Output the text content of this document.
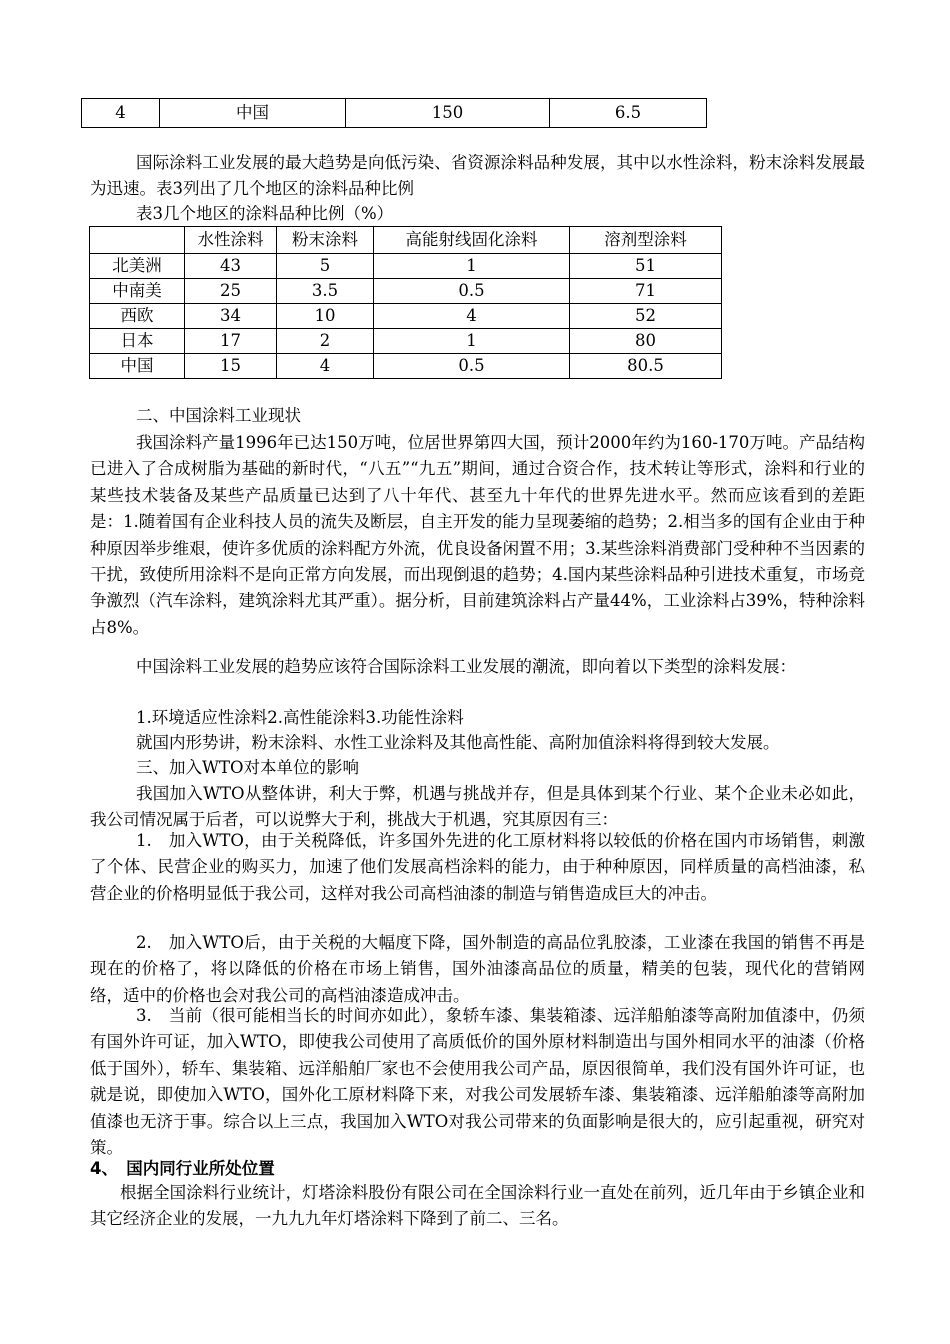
4	中国	150	6.5

国际涂料工业发展的最大趋势是向低污染、省资源涂料品种发展，其中以水性涂料，粉末涂料发展最为迅速。表3列出了几个地区的涂料品种比例

表3几个地区的涂料品种比例（%）
	水性涂料	粉末涂料	高能射线固化涂料	溶剂型涂料
北美洲	43	5	1	51
中南美	25	3.5	0.5	71
西欧	34	10	4	52
日本	17	2	1	80
中国	15	4	0.5	80.5

二、中国涂料工业现状

我国涂料产量1996年已达150万吨，位居世界第四大国，预计2000年约为160-170万吨。产品结构已进入了合成树脂为基础的新时代，“八五”“九五”期间，通过合资合作，技术转让等形式，涂料和行业的某些技术装备及某些产品质量已达到了八十年代、甚至九十年代的世界先进水平。然而应该看到的差距是：1.随着国有企业科技人员的流失及断层，自主开发的能力呈现萎缩的趋势；2.相当多的国有企业由于种种原因举步维艰，使许多优质的涂料配方外流，优良设备闲置不用；3.某些涂料消费部门受种种不当因素的干扰，致使所用涂料不是向正常方向发展，而出现倒退的趋势；4.国内某些涂料品种引进技术重复，市场竞争激烈（汽车涂料，建筑涂料尤其严重）。据分析，目前建筑涂料占产量44%，工业涂料占39%，特种涂料占8%。

中国涂料工业发展的趋势应该符合国际涂料工业发展的潮流，即向着以下类型的涂料发展：

1.环境适应性涂料2.高性能涂料3.功能性涂料

就国内形势讲，粉末涂料、水性工业涂料及其他高性能、高附加值涂料将得到较大发展。

三、加入WTO对本单位的影响

我国加入WTO从整体讲，利大于弊，机遇与挑战并存，但是具体到某个行业、某个企业未必如此，我公司情况属于后者，可以说弊大于利，挑战大于机遇，究其原因有三：

1.　加入WTO，由于关税降低，许多国外先进的化工原材料将以较低的价格在国内市场销售，刺激了个体、民营企业的购买力，加速了他们发展高档涂料的能力，由于种种原因，同样质量的高档油漆，私营企业的价格明显低于我公司，这样对我公司高档油漆的制造与销售造成巨大的冲击。

2.　加入WTO后，由于关税的大幅度下降，国外制造的高品位乳胶漆，工业漆在我国的销售不再是现在的价格了，将以降低的价格在市场上销售，国外油漆高品位的质量，精美的包装，现代化的营销网络，适中的价格也会对我公司的高档油漆造成冲击。

3.　当前（很可能相当长的时间亦如此），象轿车漆、集装箱漆、远洋船舶漆等高附加值漆中，仍须有国外许可证，加入WTO，即使我公司使用了高质低价的国外原材料制造出与国外相同水平的油漆（价格低于国外），轿车、集装箱、远洋船舶厂家也不会使用我公司产品，原因很简单，我们没有国外许可证，也就是说，即使加入WTO，国外化工原材料降下来，对我公司发展轿车漆、集装箱漆、远洋船舶漆等高附加值漆也无济于事。综合以上三点，我国加入WTO对我公司带来的负面影响是很大的，应引起重视，研究对策。

4、　国内同行业所处位置

根据全国涂料行业统计，灯塔涂料股份有限公司在全国涂料行业一直处在前列，近几年由于乡镇企业和其它经济企业的发展，一九九九年灯塔涂料下降到了前二、三名。
